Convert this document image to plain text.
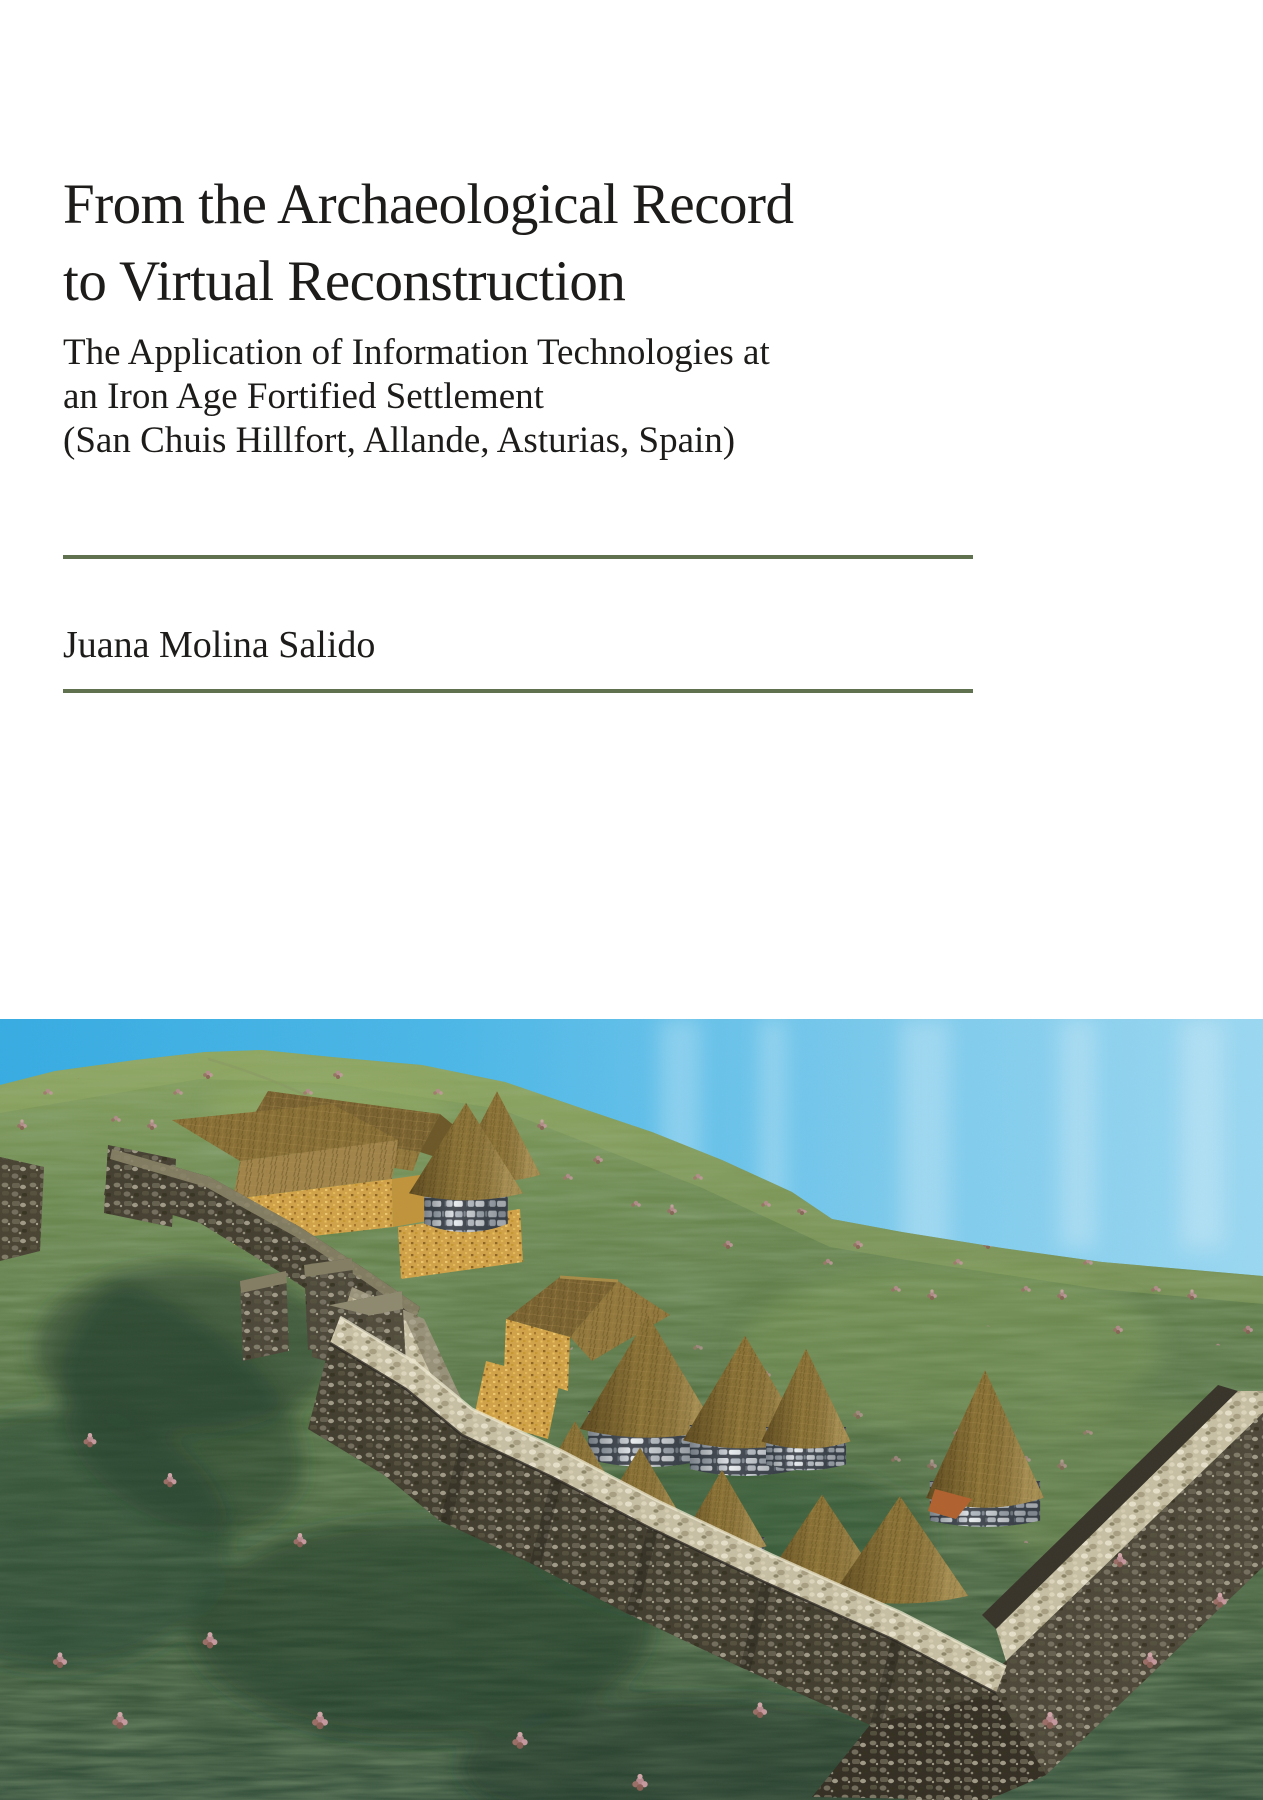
From the Archaeological Record
to Virtual Reconstruction
The Application of Information Technologies at
an Iron Age Fortified Settlement
(San Chuis Hillfort, Allande, Asturias, Spain)
Juana Molina Salido
